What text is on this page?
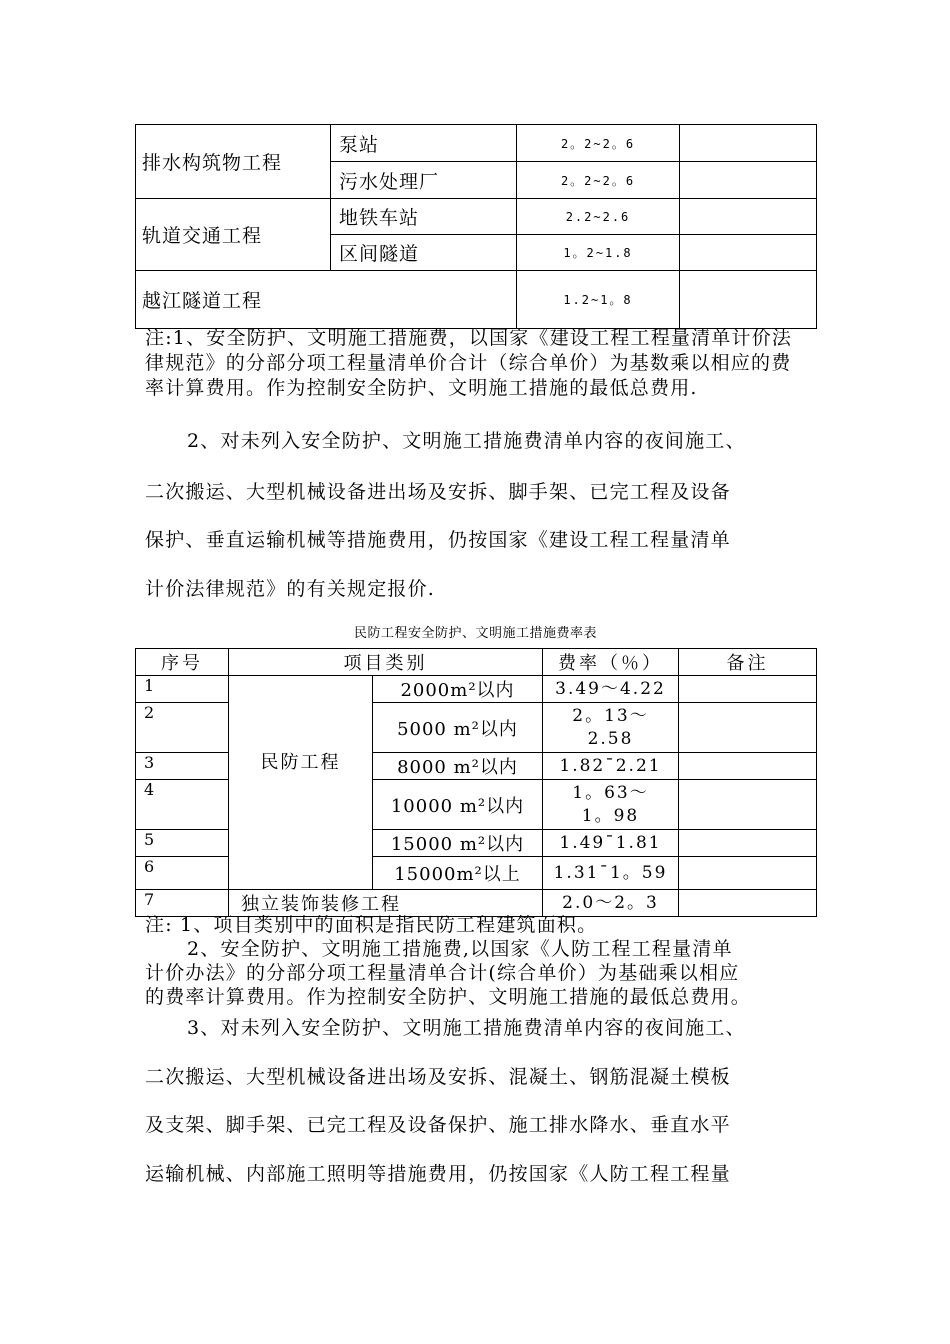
排水构筑物工程	泵站	2。2~2。6	
	污水处理厂	2。2~2。6	
轨道交通工程	地铁车站	2.2~2.6	
	区间隧道	1。2~1.8	
越江隧道工程		1.2~1。8	
注:1、安全防护、文明施工措施费，以国家《建设工程工程量清单计价法律规范》的分部分项工程量清单价合计（综合单价）为基数乘以相应的费率计算费用。作为控制安全防护、文明施工措施的最低总费用.
2、对未列入安全防护、文明施工措施费清单内容的夜间施工、
二次搬运、大型机械设备进出场及安拆、脚手架、已完工程及设备
保护、垂直运输机械等措施费用，仍按国家《建设工程工程量清单
计价法律规范》的有关规定报价.
民防工程安全防护、文明施工措施费率表
序号	项目类别		费率（％）	备注
1	民防工程	2000m²以内	3.49～4.22	
2		5000 m²以内	2。13～
2.58	

3		8000 m²以内	1.82¯2.21	
4		10000 m²以内	1。63～
1。98	

5		15000 m²以内	1.49¯1.81	
6		15000m²以上	1.31¯1。59	
7	独立装饰装修工程		2.0～2。3	
注: 1、项目类别中的面积是指民防工程建筑面积。
2、安全防护、文明施工措施费,以国家《人防工程工程量清单
计价办法》的分部分项工程量清单合计(综合单价）为基础乘以相应
的费率计算费用。作为控制安全防护、文明施工措施的最低总费用。
3、对未列入安全防护、文明施工措施费清单内容的夜间施工、
二次搬运、大型机械设备进出场及安拆、混凝土、钢筋混凝土模板
及支架、脚手架、已完工程及设备保护、施工排水降水、垂直水平
运输机械、内部施工照明等措施费用，仍按国家《人防工程工程量
